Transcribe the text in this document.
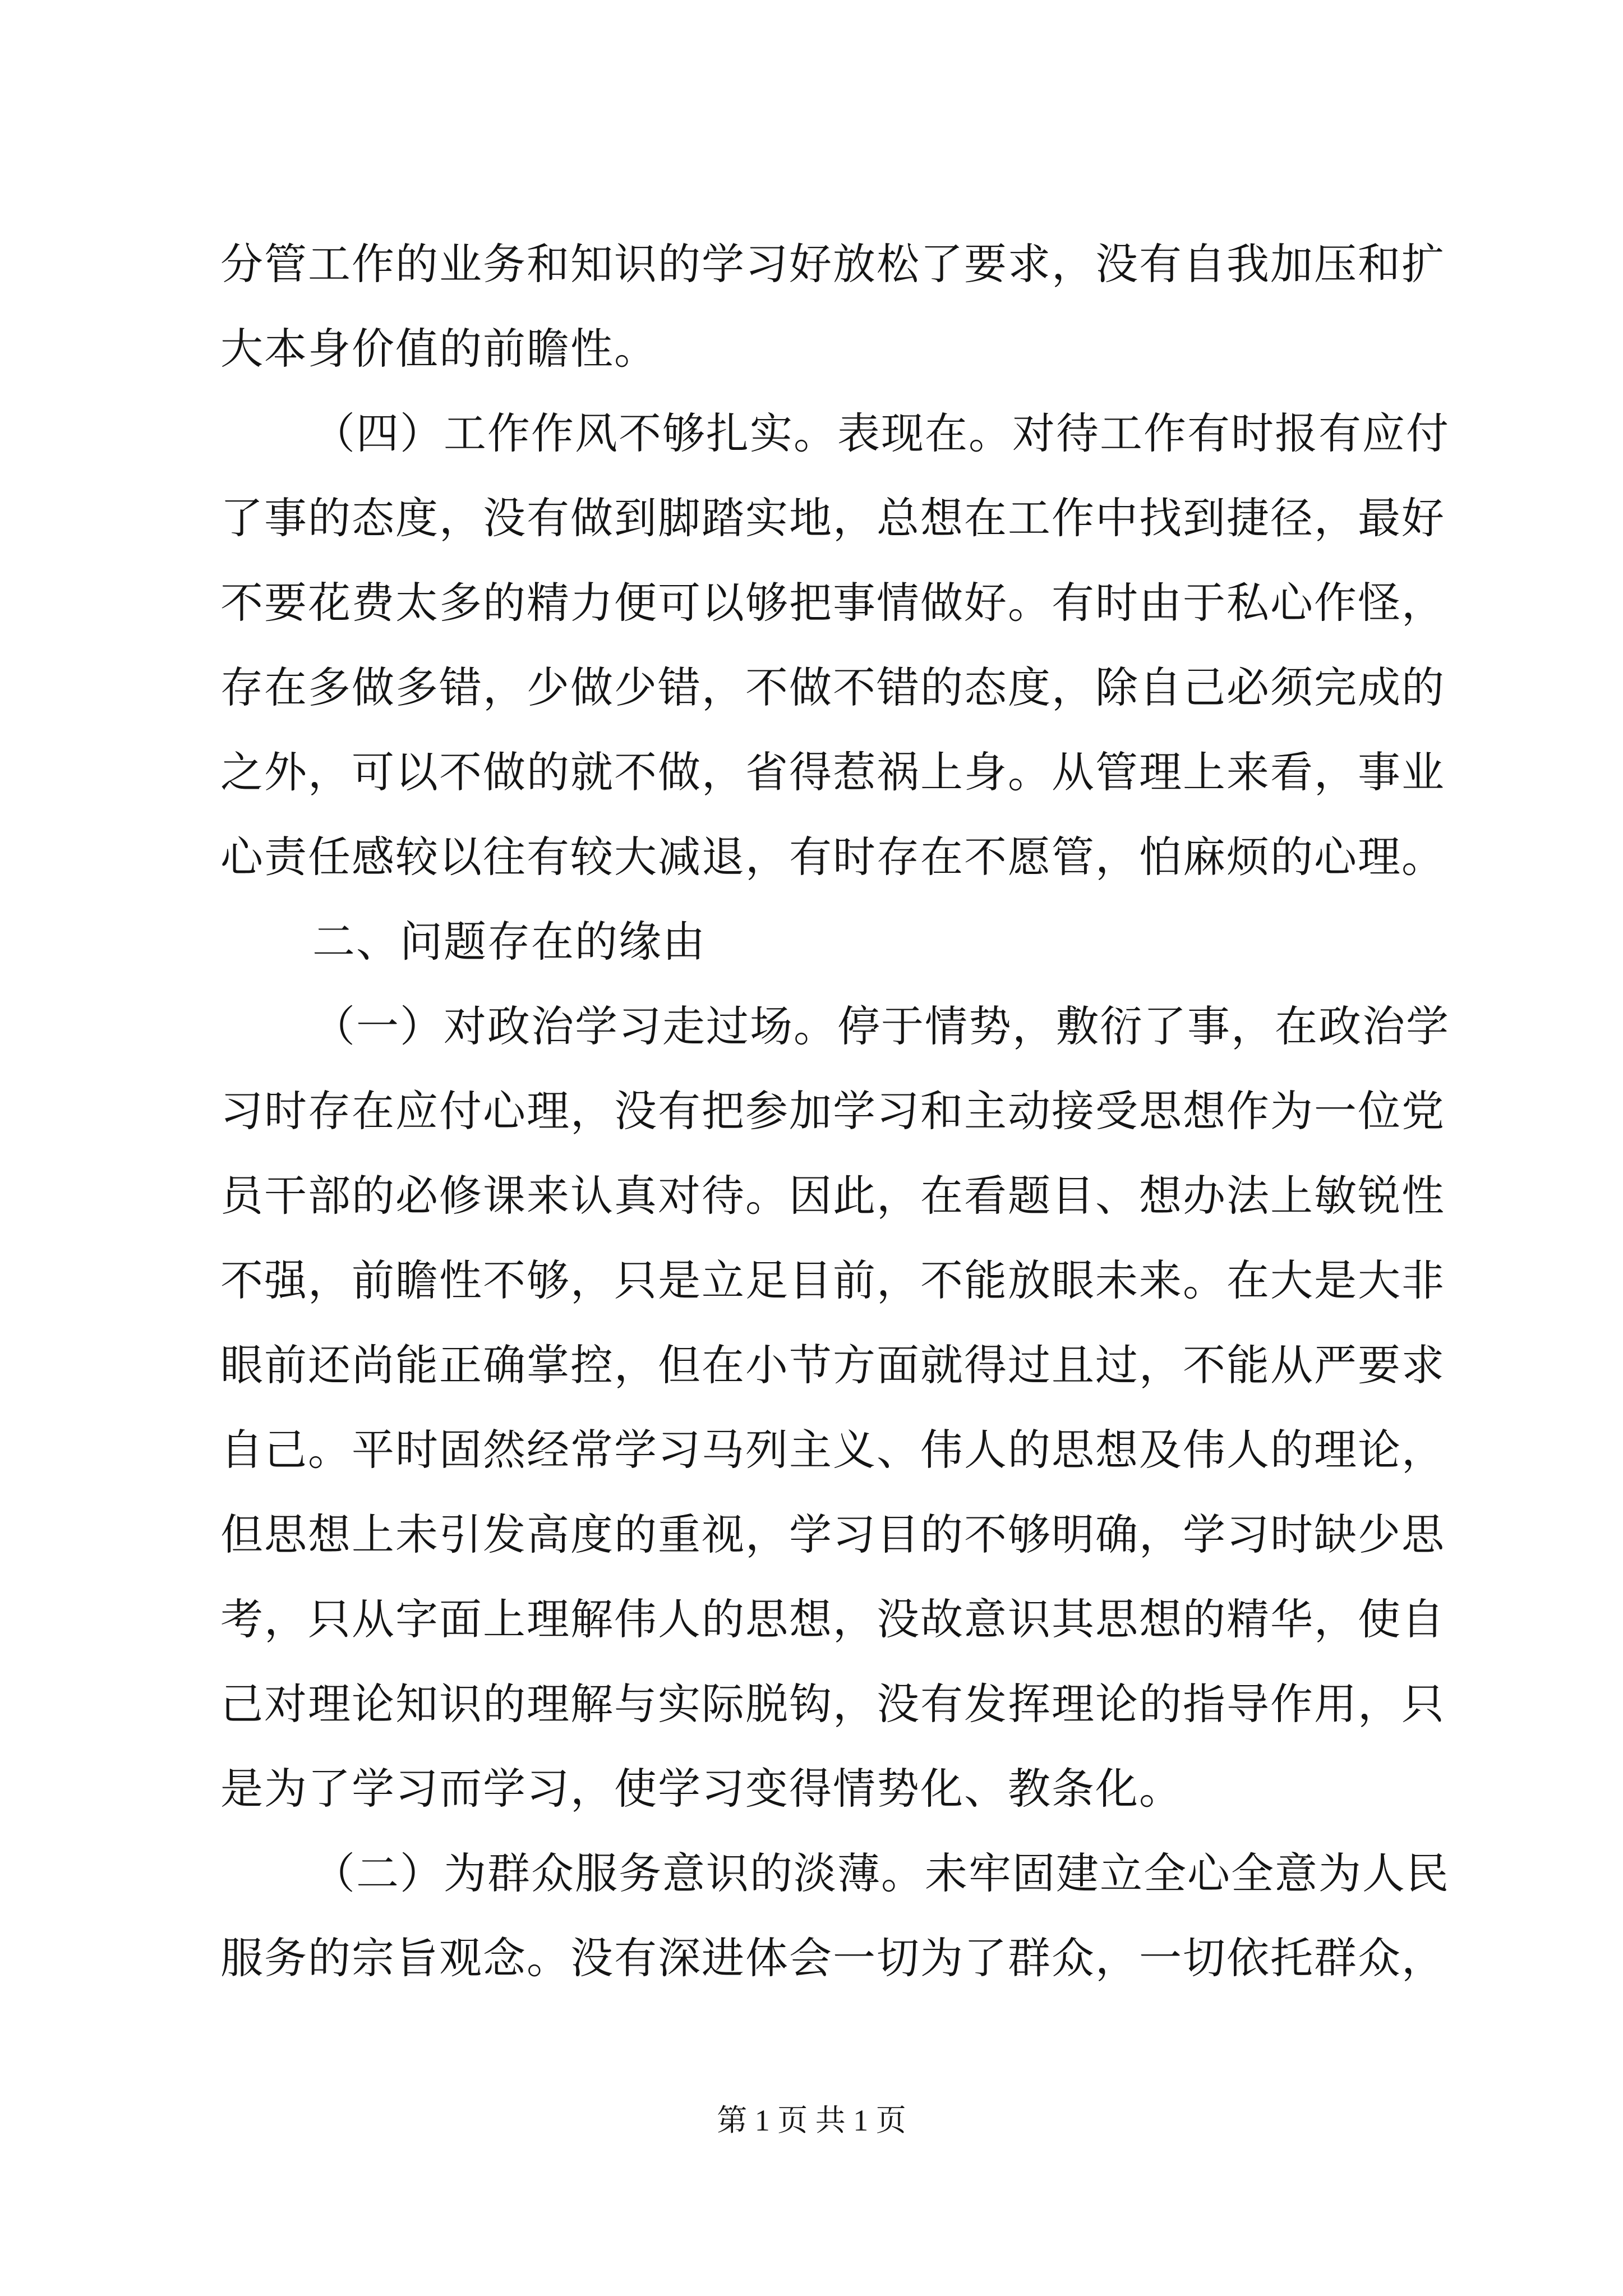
分管工作的业务和知识的学习好放松了要求，没有自我加压和扩
大本身价值的前瞻性。
（四）工作作风不够扎实。表现在。对待工作有时报有应付
了事的态度，没有做到脚踏实地，总想在工作中找到捷径，最好
不要花费太多的精力便可以够把事情做好。有时由于私心作怪，
存在多做多错，少做少错，不做不错的态度，除自己必须完成的
之外，可以不做的就不做，省得惹祸上身。从管理上来看，事业
心责任感较以往有较大减退，有时存在不愿管，怕麻烦的心理。
二、问题存在的缘由
（一）对政治学习走过场。停于情势，敷衍了事，在政治学
习时存在应付心理，没有把参加学习和主动接受思想作为一位党
员干部的必修课来认真对待。因此，在看题目、想办法上敏锐性
不强，前瞻性不够，只是立足目前，不能放眼未来。在大是大非
眼前还尚能正确掌控，但在小节方面就得过且过，不能从严要求
自己。平时固然经常学习马列主义、伟人的思想及伟人的理论，
但思想上未引发高度的重视，学习目的不够明确，学习时缺少思
考，只从字面上理解伟人的思想，没故意识其思想的精华，使自
己对理论知识的理解与实际脱钩，没有发挥理论的指导作用，只
是为了学习而学习，使学习变得情势化、教条化。
（二）为群众服务意识的淡薄。未牢固建立全心全意为人民
服务的宗旨观念。没有深进体会一切为了群众，一切依托群众，
第 1 页 共 1 页
